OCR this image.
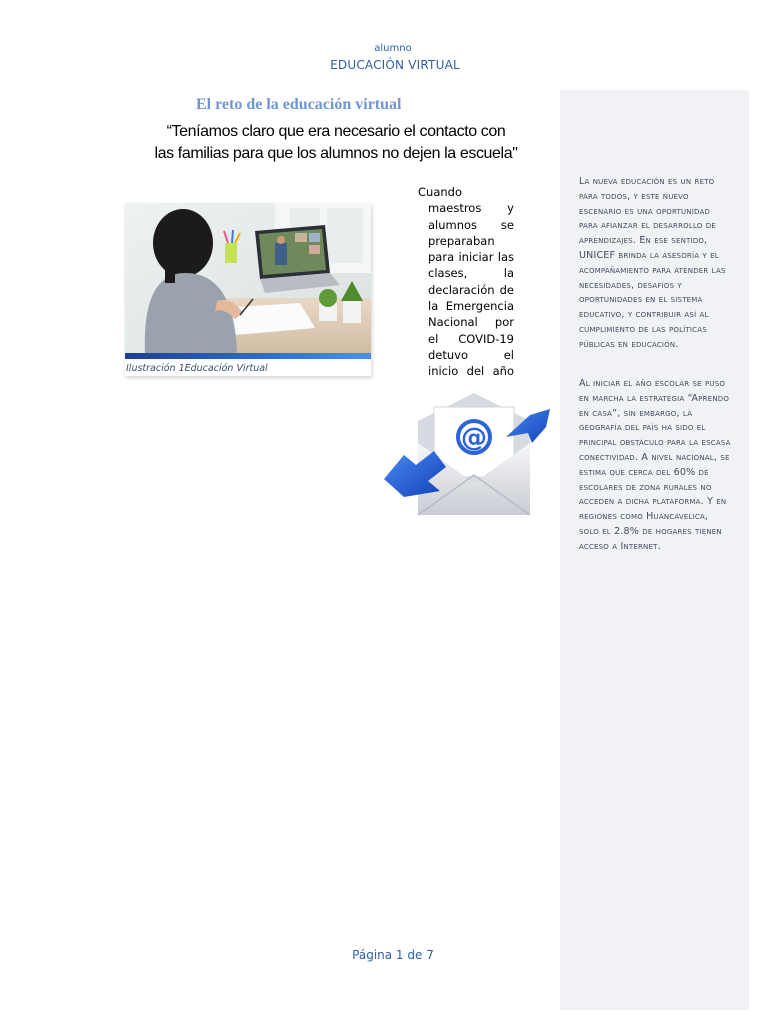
alumno
EDUCACIÓN VIRTUAL
El reto de la educación virtual
“Teníamos claro que era necesario el contacto con
las familias para que los alumnos no dejen la escuela"
Ilustración 1Educación Virtual
Cuando
maestros y
alumnos se
preparaban
para iniciar las
clases, la
declaración de
la Emergencia
Nacional por
el COVID-19
detuvo el
inicio del año
@
La nueva educación es un reto para todos, y este nuevo escenario es una oportunidad para afianzar el desarrollo de aprendizajes. En ese sentido, UNICEF brinda la asesoría y el acompañamiento para atender las necesidades, desafíos y oportunidades en el sistema educativo, y contribuir así al cumplimiento de las políticas públicas en educación.
Al iniciar el año escolar se puso en marcha la estrategia “Aprendo en casa”, sin embargo, la geografía del país ha sido el principal obstáculo para la escasa conectividad. A nivel nacional, se estima que cerca del 60% de escolares de zona rurales no acceden a dicha plataforma. Y en regiones como Huancavelica, solo el 2.8% de hogares tienen acceso a Internet.
Página 1 de 7
